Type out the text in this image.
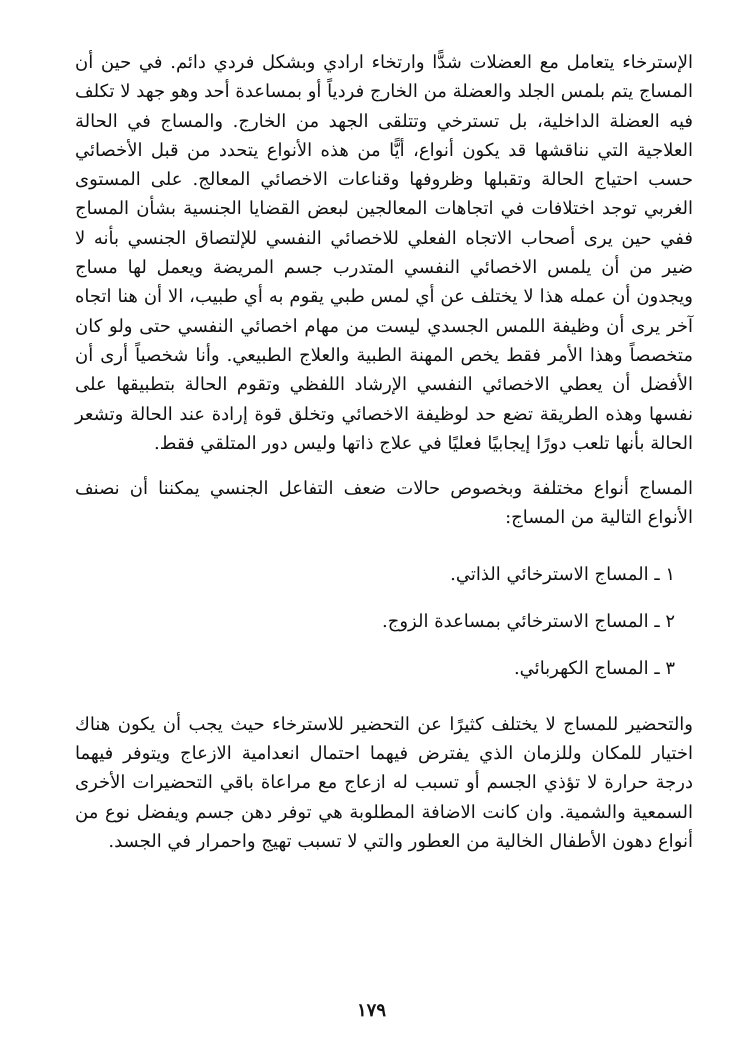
الإسترخاء يتعامل مع العضلات شدًّا وارتخاء ارادي وبشكل فردي دائم. في حين أن المساج يتم بلمس الجلد والعضلة من الخارج فردياً أو بمساعدة أحد وهو جهد لا تكلف فيه العضلة الداخلية، بل تسترخي وتتلقى الجهد من الخارج. والمساج في الحالة العلاجية التي نناقشها قد يكون أنواع، أيًّا من هذه الأنواع يتحدد من قبل الأخصائي حسب احتياج الحالة وتقبلها وظروفها وقناعات الاخصائي المعالج. على المستوى الغربي توجد اختلافات في اتجاهات المعالجين لبعض القضايا الجنسية بشأن المساج ففي حين يرى أصحاب الاتجاه الفعلي للاخصائي النفسي للإلتصاق الجنسي بأنه لا ضير من أن يلمس الاخصائي النفسي المتدرب جسم المريضة ويعمل لها مساج ويجدون أن عمله هذا لا يختلف عن أي لمس طبي يقوم به أي طبيب، الا أن هنا اتجاه آخر يرى أن وظيفة اللمس الجسدي ليست من مهام اخصائي النفسي حتى ولو كان متخصصاً وهذا الأمر فقط يخص المهنة الطبية والعلاج الطبيعي. وأنا شخصياً أرى أن الأفضل أن يعطي الاخصائي النفسي الإرشاد اللفظي وتقوم الحالة بتطبيقها على نفسها وهذه الطريقة تضع حد لوظيفة الاخصائي وتخلق قوة إرادة عند الحالة وتشعر الحالة بأنها تلعب دورًا إيجابيًا فعليًا في علاج ذاتها وليس دور المتلقي فقط.

المساج أنواع مختلفة وبخصوص حالات ضعف التفاعل الجنسي يمكننا أن نصنف الأنواع التالية من المساج:

١ ـ المساج الاسترخائي الذاتي.
٢ ـ المساج الاسترخائي بمساعدة الزوج.
٣ ـ المساج الكهربائي.

والتحضير للمساج لا يختلف كثيرًا عن التحضير للاسترخاء حيث يجب أن يكون هناك اختيار للمكان وللزمان الذي يفترض فيهما احتمال انعدامية الازعاج ويتوفر فيهما درجة حرارة لا تؤذي الجسم أو تسبب له ازعاج مع مراعاة باقي التحضيرات الأخرى السمعية والشمية. وان كانت الاضافة المطلوبة هي توفر دهن جسم ويفضل نوع من أنواع دهون الأطفال الخالية من العطور والتي لا تسبب تهيج واحمرار في الجسد.

١٧٩
